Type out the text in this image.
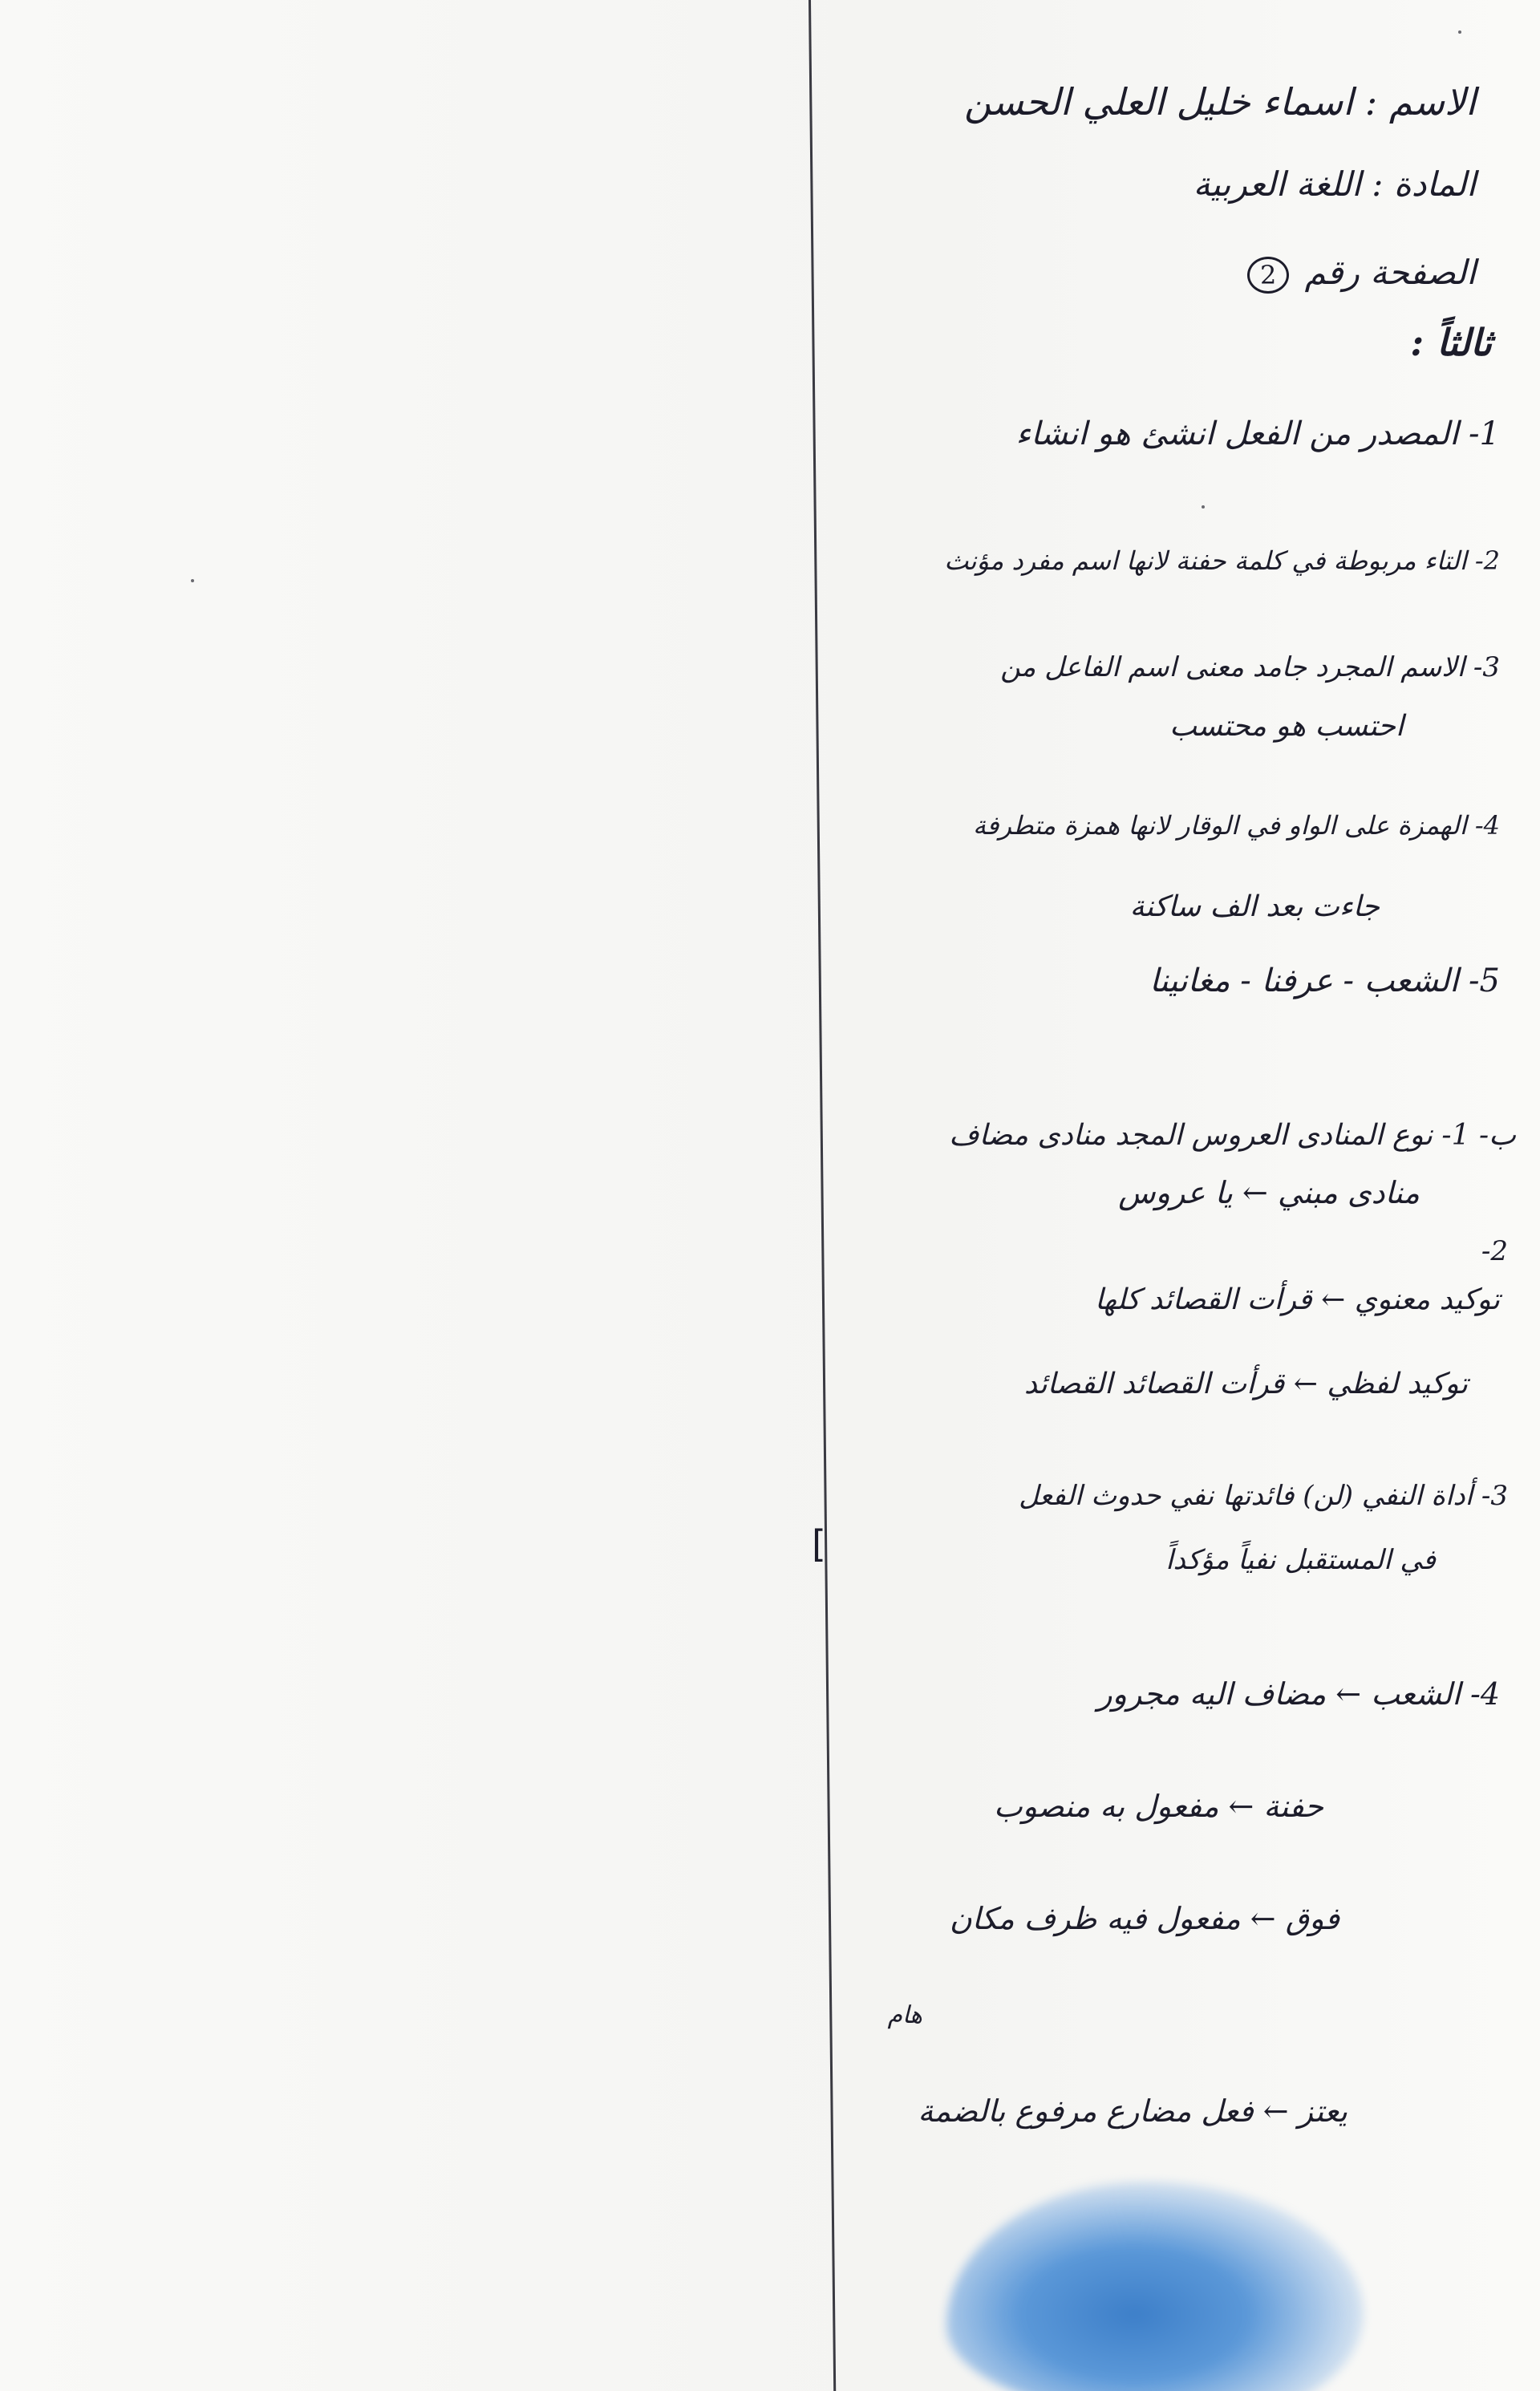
[
الاسم : اسماء خليل العلي الحسن
المادة : اللغة العربية
الصفحة رقم 2
ثالثاً :
1- المصدر من الفعل انشئ هو انشاء
2- التاء مربوطة في كلمة حفنة لانها اسم مفرد مؤنث
3- الاسم المجرد جامد معنى اسم الفاعل من
احتسب هو محتسب
4- الهمزة على الواو في الوقار لانها همزة متطرفة
جاءت بعد الف ساكنة
5- الشعب - عرفنا - مغانينا
ب- 1- نوع المنادى العروس المجد منادى مضاف
منادى مبني ← يا عروس
2-
توكيد معنوي ← قرأت القصائد كلها
توكيد لفظي ← قرأت القصائد القصائد
3- أداة النفي (لن) فائدتها نفي حدوث الفعل
في المستقبل نفياً مؤكداً
4- الشعب ← مضاف اليه مجرور
حفنة ← مفعول به منصوب
فوق ← مفعول فيه ظرف مكان
هام
يعتز ← فعل مضارع مرفوع بالضمة
